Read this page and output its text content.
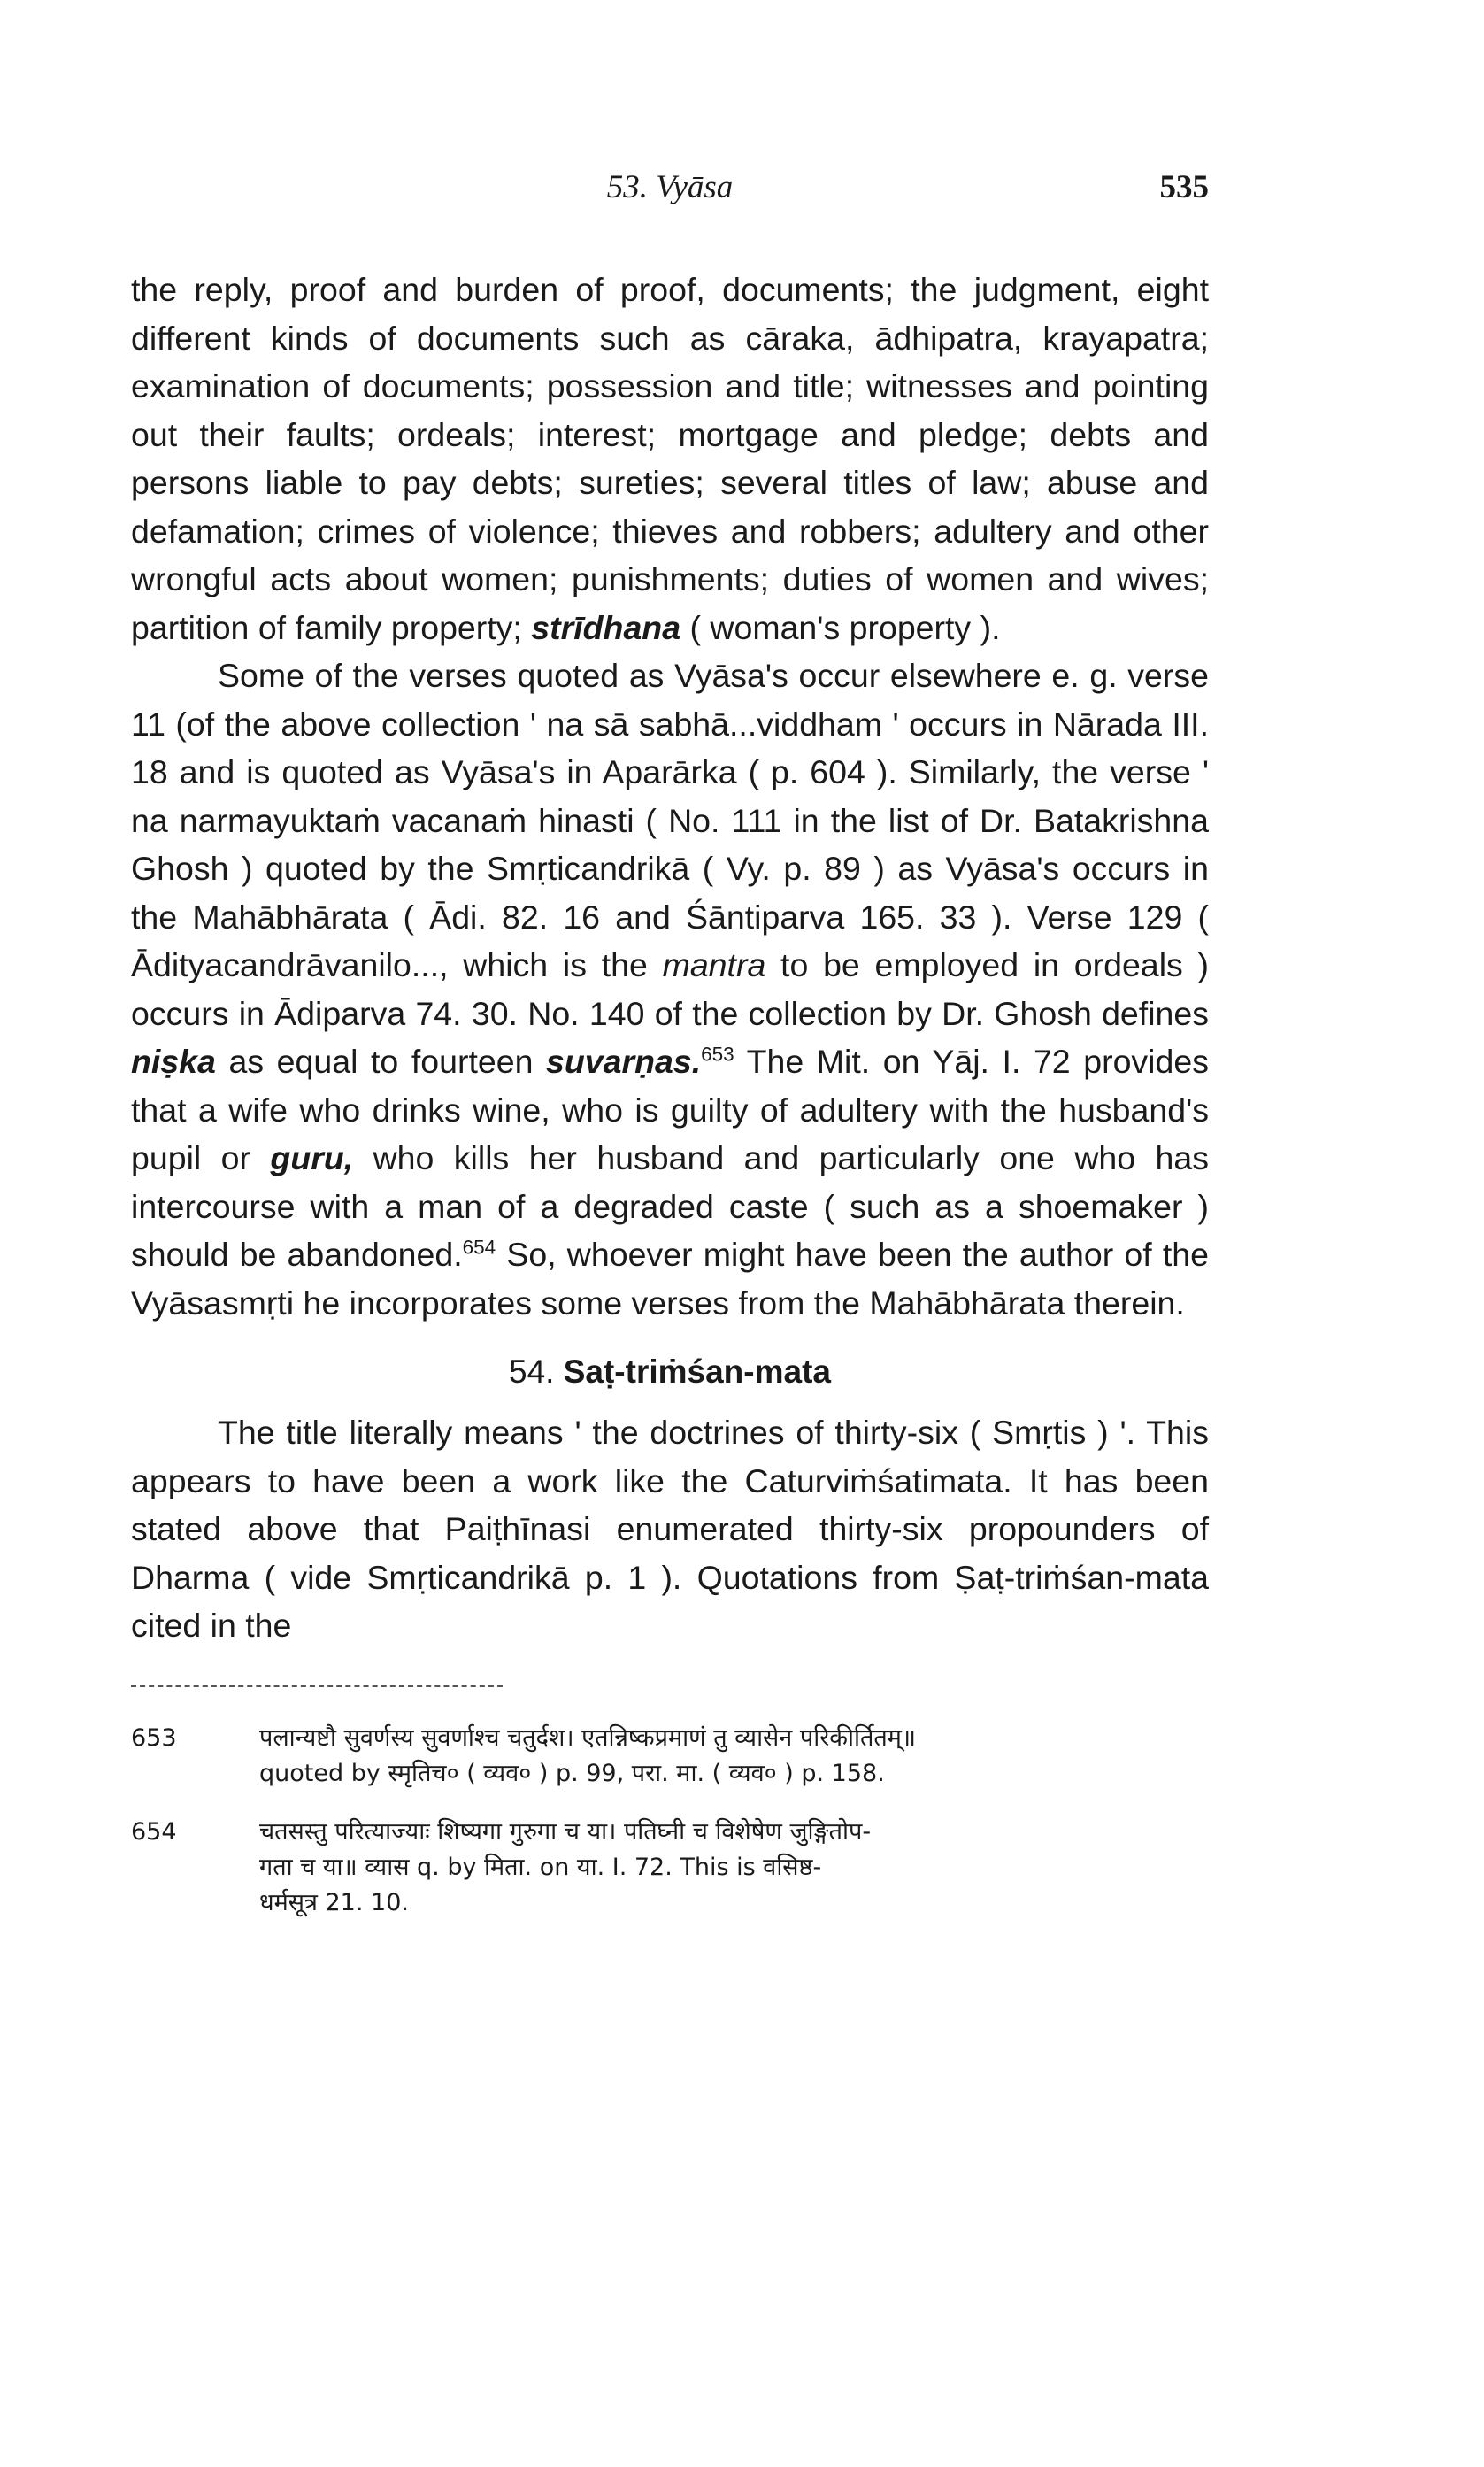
53. Vyāsa	535

the reply, proof and burden of proof, documents; the judgment, eight different kinds of documents such as cāraka, ādhipatra, krayapatra; examination of documents; possession and title; witnesses and pointing out their faults; ordeals; interest; mortgage and pledge; debts and persons liable to pay debts; sureties; several titles of law; abuse and defamation; crimes of violence; thieves and robbers; adultery and other wrongful acts about women; punishments; duties of women and wives; partition of family property; strīdhana ( woman's property ).

Some of the verses quoted as Vyāsa's occur elsewhere e. g. verse 11 (of the above collection ' na sā sabhā...viddham ' occurs in Nārada III. 18 and is quoted as Vyāsa's in Aparārka ( p. 604 ). Similarly, the verse ' na narmayuktaṁ vacanaṁ hinasti ( No. 111 in the list of Dr. Batakrishna Ghosh ) quoted by the Smṛticandrikā ( Vy. p. 89 ) as Vyāsa's occurs in the Mahābhārata ( Ādi. 82. 16 and Śāntiparva 165. 33 ). Verse 129 ( Ādityacandrāvanilo..., which is the mantra to be employed in ordeals ) occurs in Ādiparva 74. 30. No. 140 of the collection by Dr. Ghosh defines niṣka as equal to fourteen suvarṇas.$^{653}$ The Mit. on Yāj. I. 72 provides that a wife who drinks wine, who is guilty of adultery with the husband's pupil or guru, who kills her husband and particularly one who has intercourse with a man of a degraded caste ( such as a shoemaker ) should be abandoned.$^{654}$ So, whoever might have been the author of the Vyāsasmṛti he incorporates some verses from the Mahābhārata therein.

54. Saṭ-triṁśan-mata

The title literally means ' the doctrines of thirty-six ( Smṛtis ) '. This appears to have been a work like the Caturviṁśatimata. It has been stated above that Paiṭhīnasi enumerated thirty-six propounders of Dharma ( vide Smṛticandrikā p. 1 ). Quotations from Ṣaṭ-triṁśan-mata cited in the

653	पलान्यष्टौ सुवर्णस्य सुवर्णाश्च चतुर्दश। एतन्निष्कप्रमाणं तु व्यासेन परिकीर्तितम्॥
quoted by स्मृतिच० ( व्यव० ) p. 99, परा. मा. ( व्यव० ) p. 158.
654	चतसस्तु परित्याज्याः शिष्यगा गुरुगा च या। पतिघ्नी च विशेषेण जुङ्गितोप-
गता च या॥ व्यास q. by मिता. on या. I. 72. This is वसिष्ठ-
धर्मसूत्र 21. 10.
